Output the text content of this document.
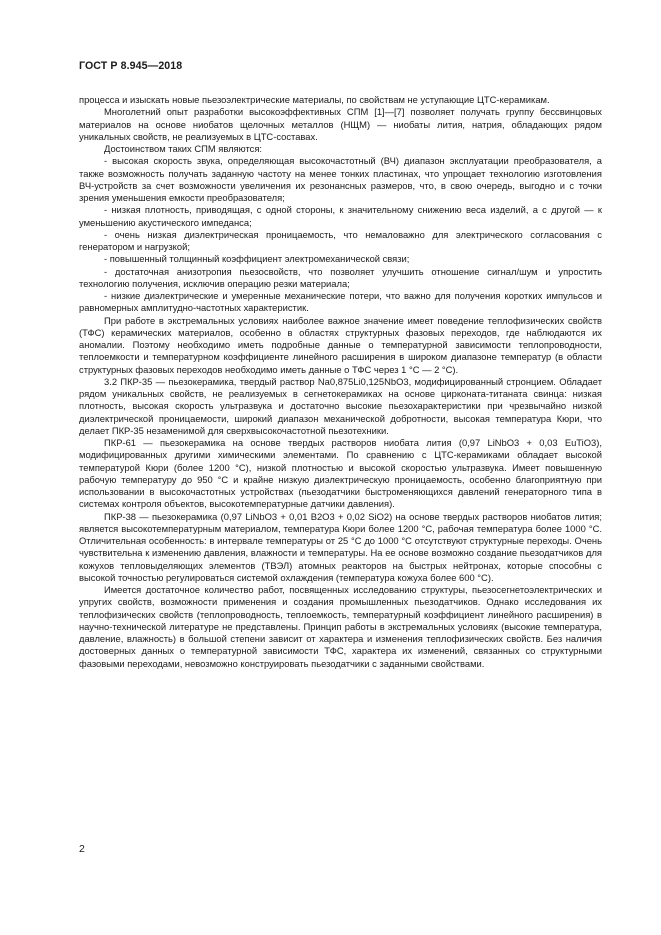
ГОСТ Р 8.945—2018

процесса и изыскать новые пьезоэлектрические материалы, по свойствам не уступающие ЦТС-керамикам.

Многолетний опыт разработки высокоэффективных СПМ [1]—[7] позволяет получать группу бессвинцовых материалов на основе ниобатов щелочных металлов (НЩМ) — ниобаты лития, натрия, обладающих рядом уникальных свойств, не реализуемых в ЦТС-составах.

Достоинством таких СПМ являются:

- высокая скорость звука, определяющая высокочастотный (ВЧ) диапазон эксплуатации преобразователя, а также возможность получать заданную частоту на менее тонких пластинах, что упрощает технологию изготовления ВЧ-устройств за счет возможности увеличения их резонансных размеров, что, в свою очередь, выгодно и с точки зрения уменьшения емкости преобразователя;

- низкая плотность, приводящая, с одной стороны, к значительному снижению веса изделий, а с другой — к уменьшению акустического импеданса;

- очень низкая диэлектрическая проницаемость, что немаловажно для электрического согласования с генератором и нагрузкой;

- повышенный толщинный коэффициент электромеханической связи;

- достаточная анизотропия пьезосвойств, что позволяет улучшить отношение сигнал/шум и упростить технологию получения, исключив операцию резки материала;

- низкие диэлектрические и умеренные механические потери, что важно для получения коротких импульсов и равномерных амплитудно-частотных характеристик.

При работе в экстремальных условиях наиболее важное значение имеет поведение теплофизических свойств (ТФС) керамических материалов, особенно в областях структурных фазовых переходов, где наблюдаются их аномалии. Поэтому необходимо иметь подробные данные о температурной зависимости теплопроводности, теплоемкости и температурном коэффициенте линейного расширения в широком диапазоне температур (в области структурных фазовых переходов необходимо иметь данные о ТФС через 1 °С — 2 °С).

3.2 ПКР-35 — пьезокерамика, твердый раствор Na0,875Li0,125NbO3, модифицированный стронцием. Обладает рядом уникальных свойств, не реализуемых в сегнетокерамиках на основе цирконата-титаната свинца: низкая плотность, высокая скорость ультразвука и достаточно высокие пьезохарактеристики при чрезвычайно низкой диэлектрической проницаемости, широкий диапазон механической добротности, высокая температура Кюри, что делает ПКР-35 незаменимой для сверхвысокочастотной пьезотехники.

ПКР-61 — пьезокерамика на основе твердых растворов ниобата лития (0,97 LiNbO3 + 0,03 EuTiO3), модифицированных другими химическими элементами. По сравнению с ЦТС-керамиками обладает высокой температурой Кюри (более 1200 °С), низкой плотностью и высокой скоростью ультразвука. Имеет повышенную рабочую температуру до 950 °С и крайне низкую диэлектрическую проницаемость, особенно благоприятную при использовании в высокочастотных устройствах (пьезодатчики быстроменяющихся давлений генераторного типа в системах контроля объектов, высокотемпературные датчики давления).

ПКР-38 — пьезокерамика (0,97 LiNbO3 + 0,01 B2O3 + 0,02 SiO2) на основе твердых растворов ниобатов лития; является высокотемпературным материалом, температура Кюри более 1200 °С, рабочая температура более 1000 °С. Отличительная особенность: в интервале температуры от 25 °С до 1000 °С отсутствуют структурные переходы. Очень чувствительна к изменению давления, влажности и температуры. На ее основе возможно создание пьезодатчиков для кожухов тепловыделяющих элементов (ТВЭЛ) атомных реакторов на быстрых нейтронах, которые способны с высокой точностью регулироваться системой охлаждения (температура кожуха более 600 °С).

Имеется достаточное количество работ, посвященных исследованию структуры, пьезосегнетоэлектрических и упругих свойств, возможности применения и создания промышленных пьезодатчиков. Однако исследования их теплофизических свойств (теплопроводность, теплоемкость, температурный коэффициент линейного расширения) в научно-технической литературе не представлены. Принцип работы в экстремальных условиях (высокие температура, давление, влажность) в большой степени зависит от характера и изменения теплофизических свойств. Без наличия достоверных данных о температурной зависимости ТФС, характера их изменений, связанных со структурными фазовыми переходами, невозможно конструировать пьезодатчики с заданными свойствами.

2
